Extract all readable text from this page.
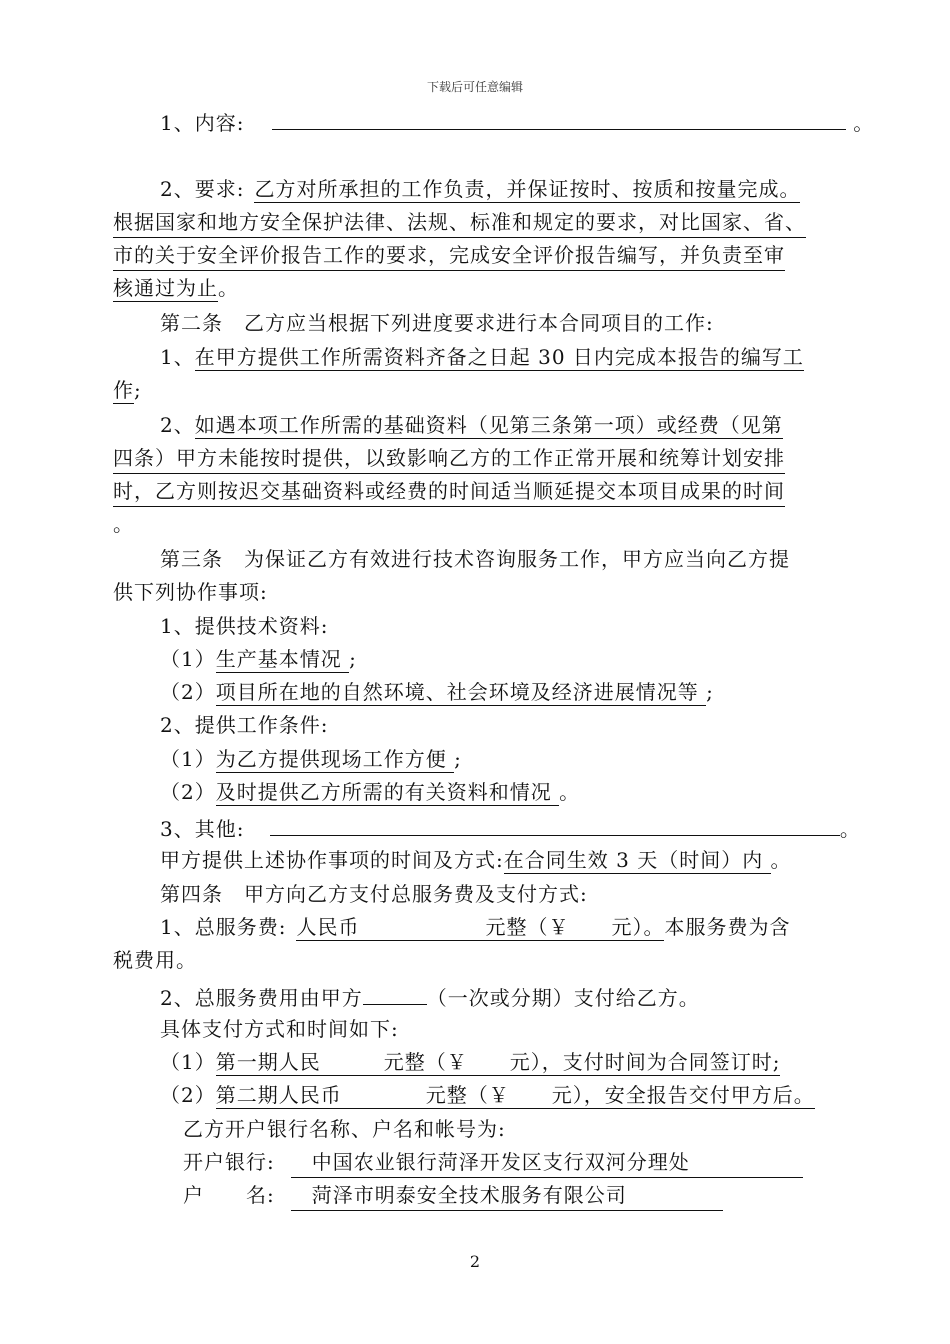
下载后可任意编辑
1、内容:	。
2、要求: 乙方对所承担的工作负责，并保证按时、按质和按量完成。
根据国家和地方安全保护法律、法规、标准和规定的要求，对比国家、省、
市的关于安全评价报告工作的要求，完成安全评价报告编写，并负责至审
核通过为止。
第二条　乙方应当根据下列进度要求进行本合同项目的工作:
1、在甲方提供工作所需资料齐备之日起 30 日内完成本报告的编写工
作;
2、如遇本项工作所需的基础资料（见第三条第一项）或经费（见第
四条）甲方未能按时提供，以致影响乙方的工作正常开展和统筹计划安排
时，乙方则按迟交基础资料或经费的时间适当顺延提交本项目成果的时间
。
第三条　为保证乙方有效进行技术咨询服务工作，甲方应当向乙方提
供下列协作事项:
1、提供技术资料:
（1）生产基本情况 ;
（2）项目所在地的自然环境、社会环境及经济进展情况等 ;
2、提供工作条件:
（1）为乙方提供现场工作方便 ;
（2）及时提供乙方所需的有关资料和情况 。
3、其他:	。
甲方提供上述协作事项的时间及方式:在合同生效 3 天（时间）内 。
第四条　甲方向乙方支付总服务费及支付方式:
1、总服务费: 人民币　　　　　　元整（￥　　元）。本服务费为含
税费用。
2、总服务费用由甲方	（一次或分期）支付给乙方。
具体支付方式和时间如下:
（1）第一期人民　　　元整（￥　　元），支付时间为合同签订时;
（2）第二期人民币　　　　元整（￥　　元），安全报告交付甲方后。
乙方开户银行名称、户名和帐号为:
开户银行:　中国农业银行菏泽开发区支行双河分理处
户　　名:　菏泽市明泰安全技术服务有限公司
2
